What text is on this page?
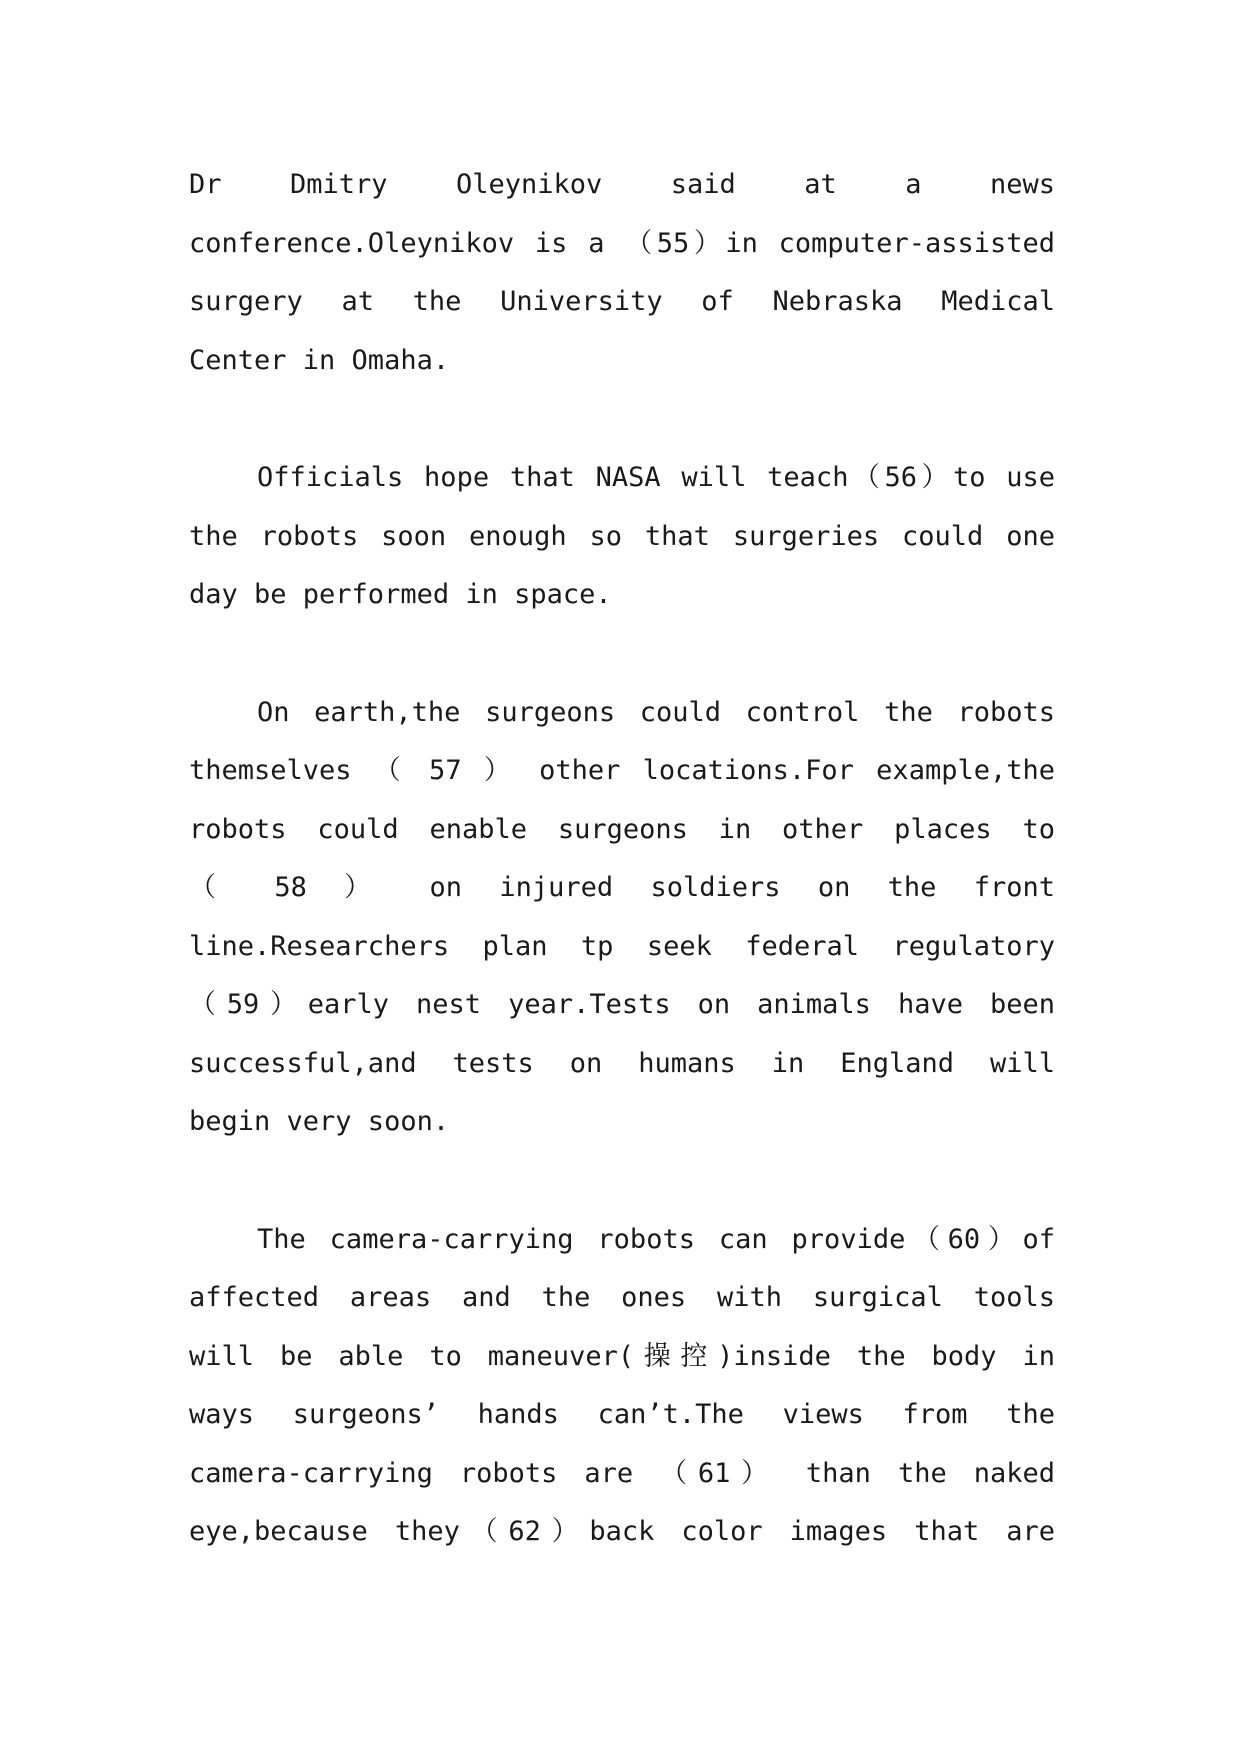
Dr Dmitry Oleynikov said at a news
conference.Oleynikov is a （55）in computer-assisted
surgery at the University of Nebraska Medical
Center in Omaha.
Officials hope that NASA will teach（56）to use
the robots soon enough so that surgeries could one
day be performed in space.
On earth,the surgeons could control the robots
themselves （ 57 ） other locations.For example,the
robots could enable surgeons in other places to
（ 58 ） on injured soldiers on the front
line.Researchers plan tp seek federal regulatory
（59）early nest year.Tests on animals have been
successful,and tests on humans in England will
begin very soon.
The camera-carrying robots can provide（60）of
affected areas and the ones with surgical tools
will be able to maneuver(操控)inside the body in
ways surgeons’ hands can’t.The views from the
camera-carrying robots are （61） than the naked
eye,because they（62）back color images that are
